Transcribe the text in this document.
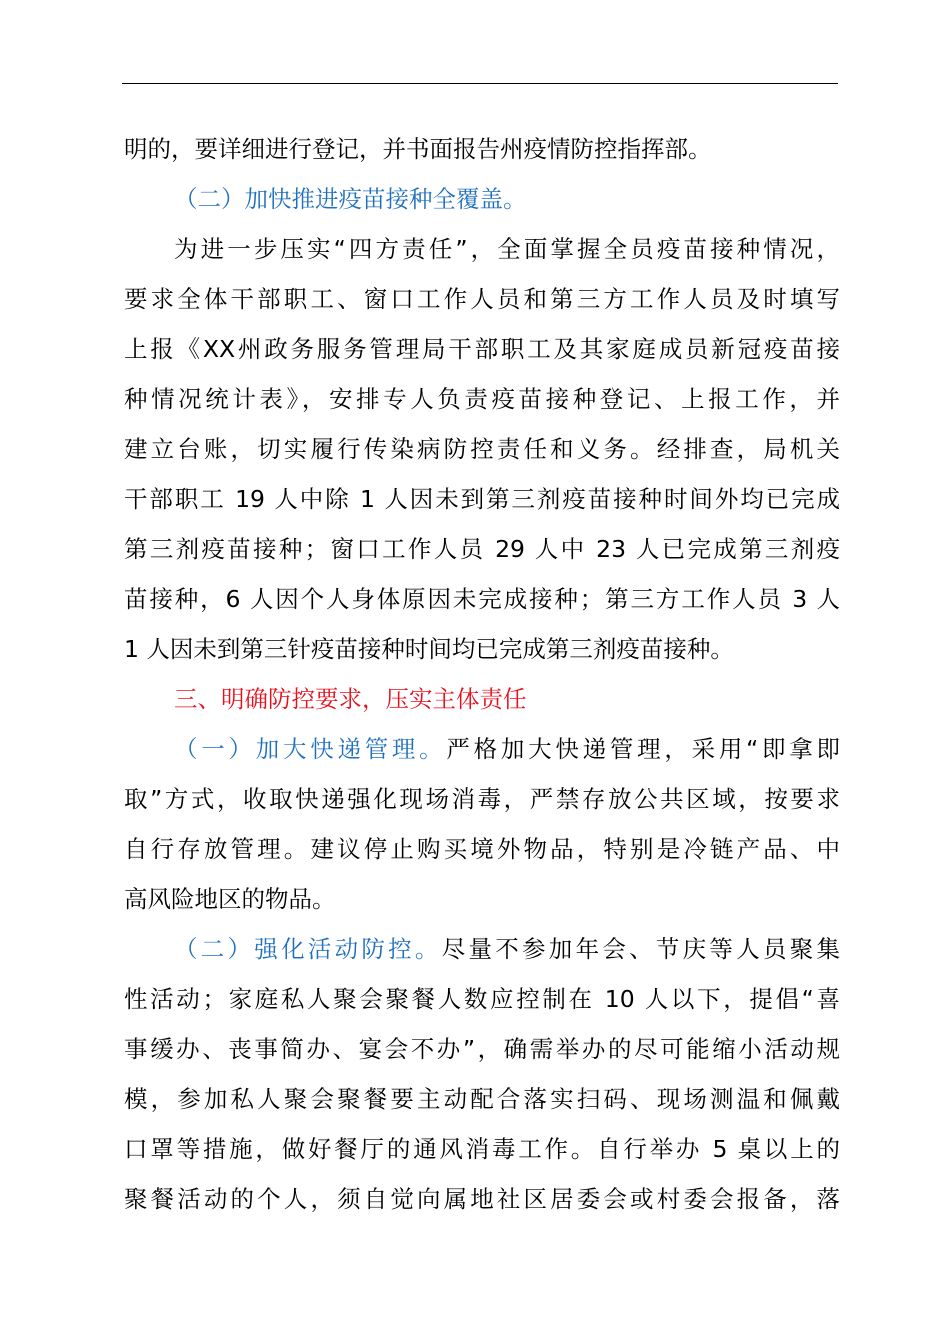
明的，要详细进行登记，并书面报告州疫情防控指挥部。
（二）加快推进疫苗接种全覆盖。
为进一步压实“四方责任”，全面掌握全员疫苗接种情况，
要求全体干部职工、窗口工作人员和第三方工作人员及时填写
上报《XX州政务服务管理局干部职工及其家庭成员新冠疫苗接
种情况统计表》，安排专人负责疫苗接种登记、上报工作，并
建立台账，切实履行传染病防控责任和义务。经排查，局机关
干部职工 19 人中除 1 人因未到第三剂疫苗接种时间外均已完成
第三剂疫苗接种；窗口工作人员 29 人中 23 人已完成第三剂疫
苗接种，6 人因个人身体原因未完成接种；第三方工作人员 3 人
1 人因未到第三针疫苗接种时间均已完成第三剂疫苗接种。
三、明确防控要求，压实主体责任
（一）加大快递管理。严格加大快递管理，采用“即拿即
取”方式，收取快递强化现场消毒，严禁存放公共区域，按要求
自行存放管理。建议停止购买境外物品，特别是冷链产品、中
高风险地区的物品。
（二）强化活动防控。尽量不参加年会、节庆等人员聚集
性活动；家庭私人聚会聚餐人数应控制在 10 人以下，提倡“喜
事缓办、丧事简办、宴会不办”，确需举办的尽可能缩小活动规
模，参加私人聚会聚餐要主动配合落实扫码、现场测温和佩戴
口罩等措施，做好餐厅的通风消毒工作。自行举办 5 桌以上的
聚餐活动的个人，须自觉向属地社区居委会或村委会报备，落
